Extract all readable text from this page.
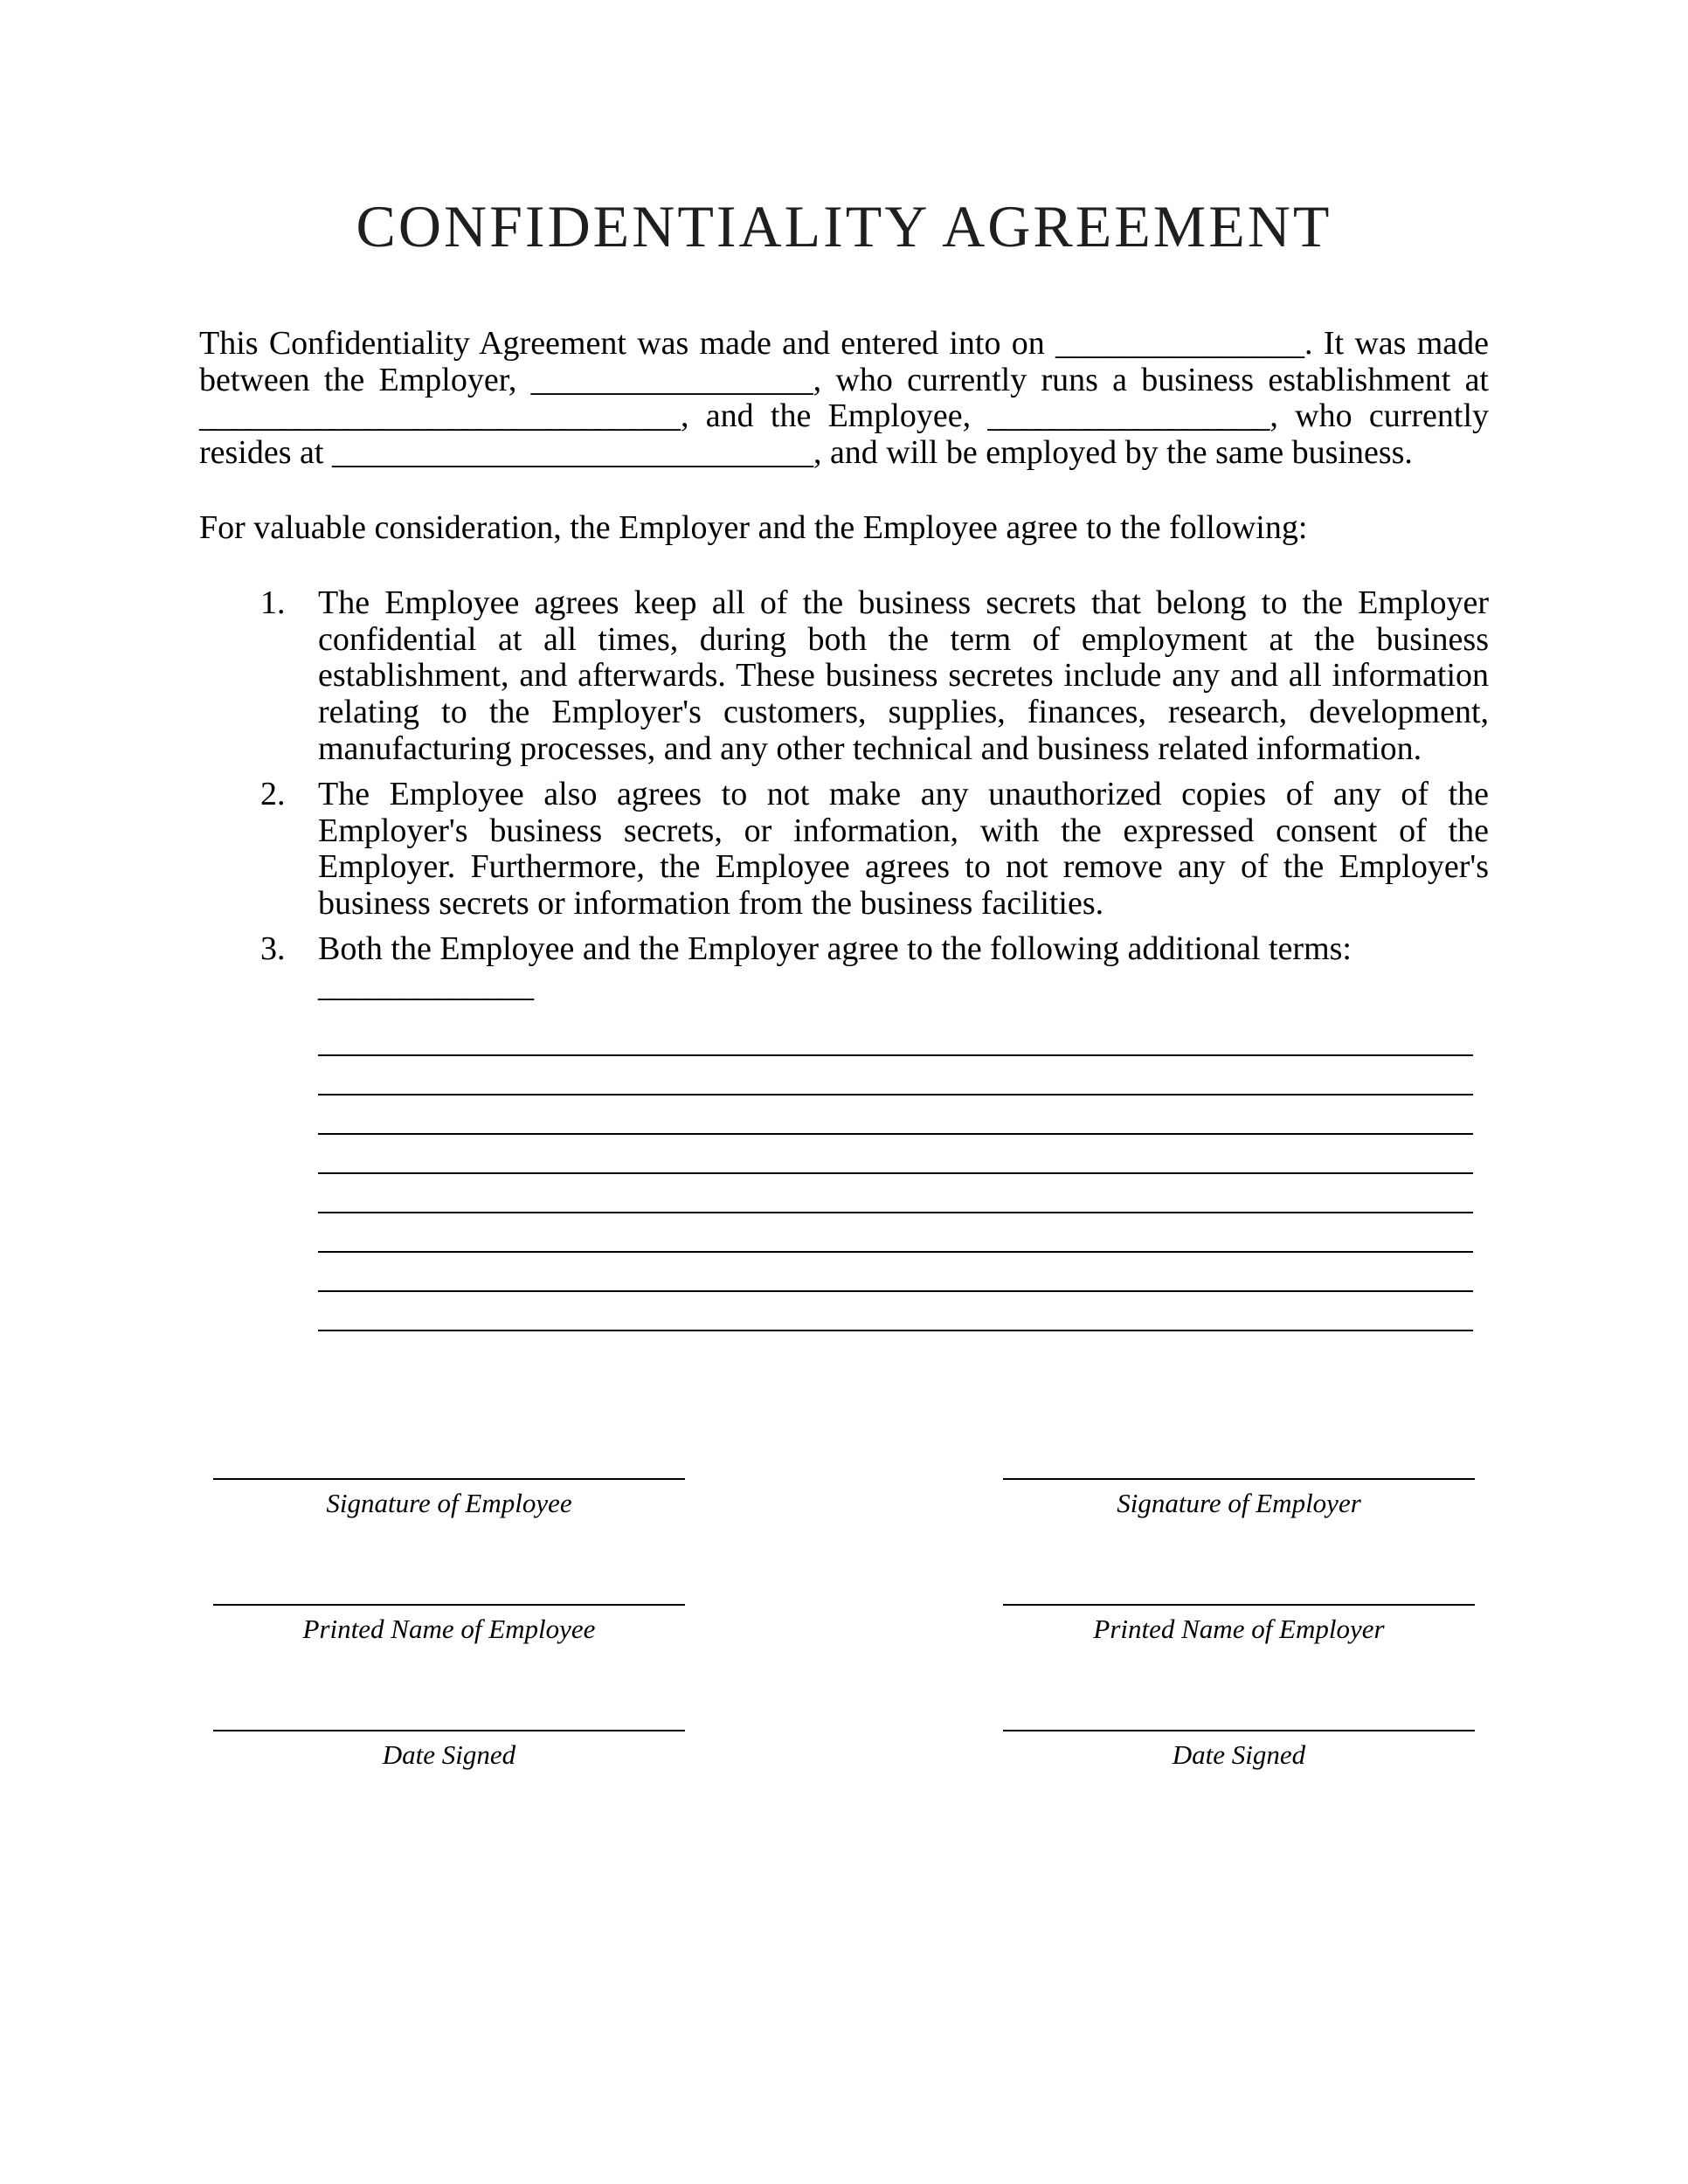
CONFIDENTIALITY AGREEMENT

This Confidentiality Agreement was made and entered into on _______________. It was made between the Employer, _________________, who currently runs a business establishment at _____________________________, and the Employee, _________________, who currently resides at _____________________________, and will be employed by the same business.

For valuable consideration, the Employer and the Employee agree to the following:

1. The Employee agrees keep all of the business secrets that belong to the Employer confidential at all times, during both the term of employment at the business establishment, and afterwards. These business secretes include any and all information relating to the Employer's customers, supplies, finances, research, development, manufacturing processes, and any other technical and business related information.
2. The Employee also agrees to not make any unauthorized copies of any of the Employer's business secrets, or information, with the expressed consent of the Employer. Furthermore, the Employee agrees to not remove any of the Employer's business secrets or information from the business facilities.
3. Both the Employee and the Employer agree to the following additional terms: _____________
Signature of Employee
Printed Name of Employee
Date Signed
Signature of Employer
Printed Name of Employer
Date Signed
